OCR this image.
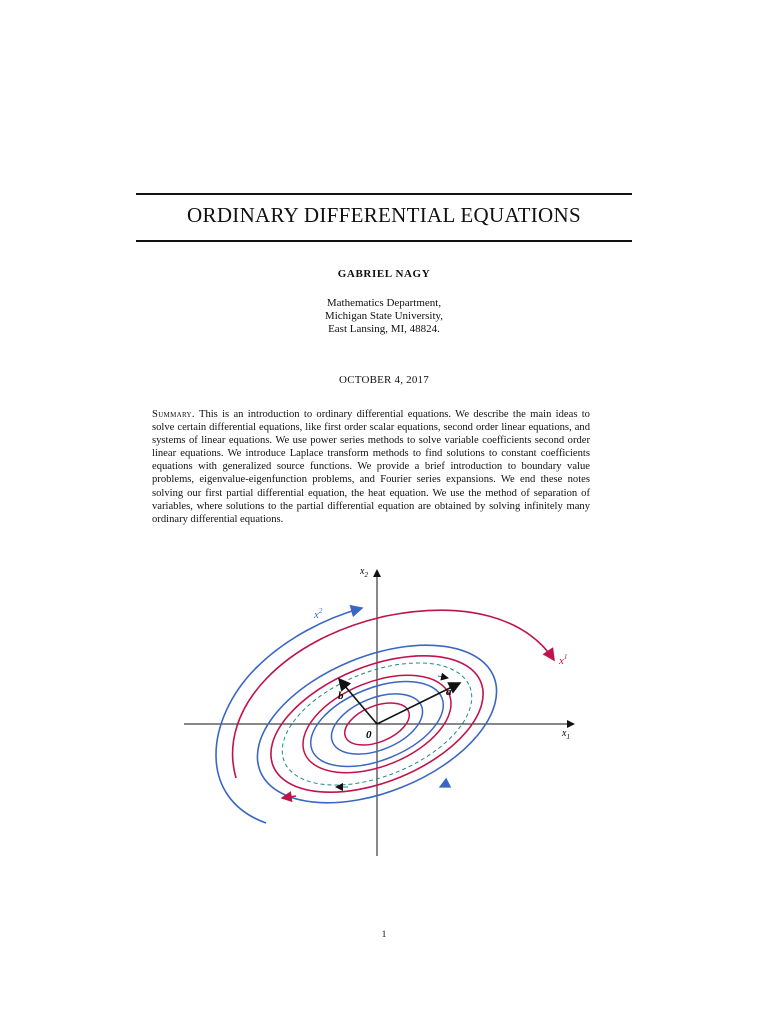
ORDINARY DIFFERENTIAL EQUATIONS
GABRIEL NAGY
Mathematics Department,
Michigan State University,
East Lansing, MI, 48824.
OCTOBER 4, 2017
Summary. This is an introduction to ordinary differential equations. We describe the main ideas to solve certain differential equations, like first order scalar equations, second order linear equations, and systems of linear equations. We use power series methods to solve variable coefficients second order linear equations. We introduce Laplace transform methods to find solutions to constant coefficients equations with generalized source functions. We provide a brief introduction to boundary value problems, eigenvalue-eigenfunction problems, and Fourier series expansions. We end these notes solving our first partial differential equation, the heat equation. We use the method of separation of variables, where solutions to the partial differential equation are obtained by solving infinitely many ordinary differential equations.
$x_1$
$x_2$
0
a
b
$x^2$
$x^1$
1
